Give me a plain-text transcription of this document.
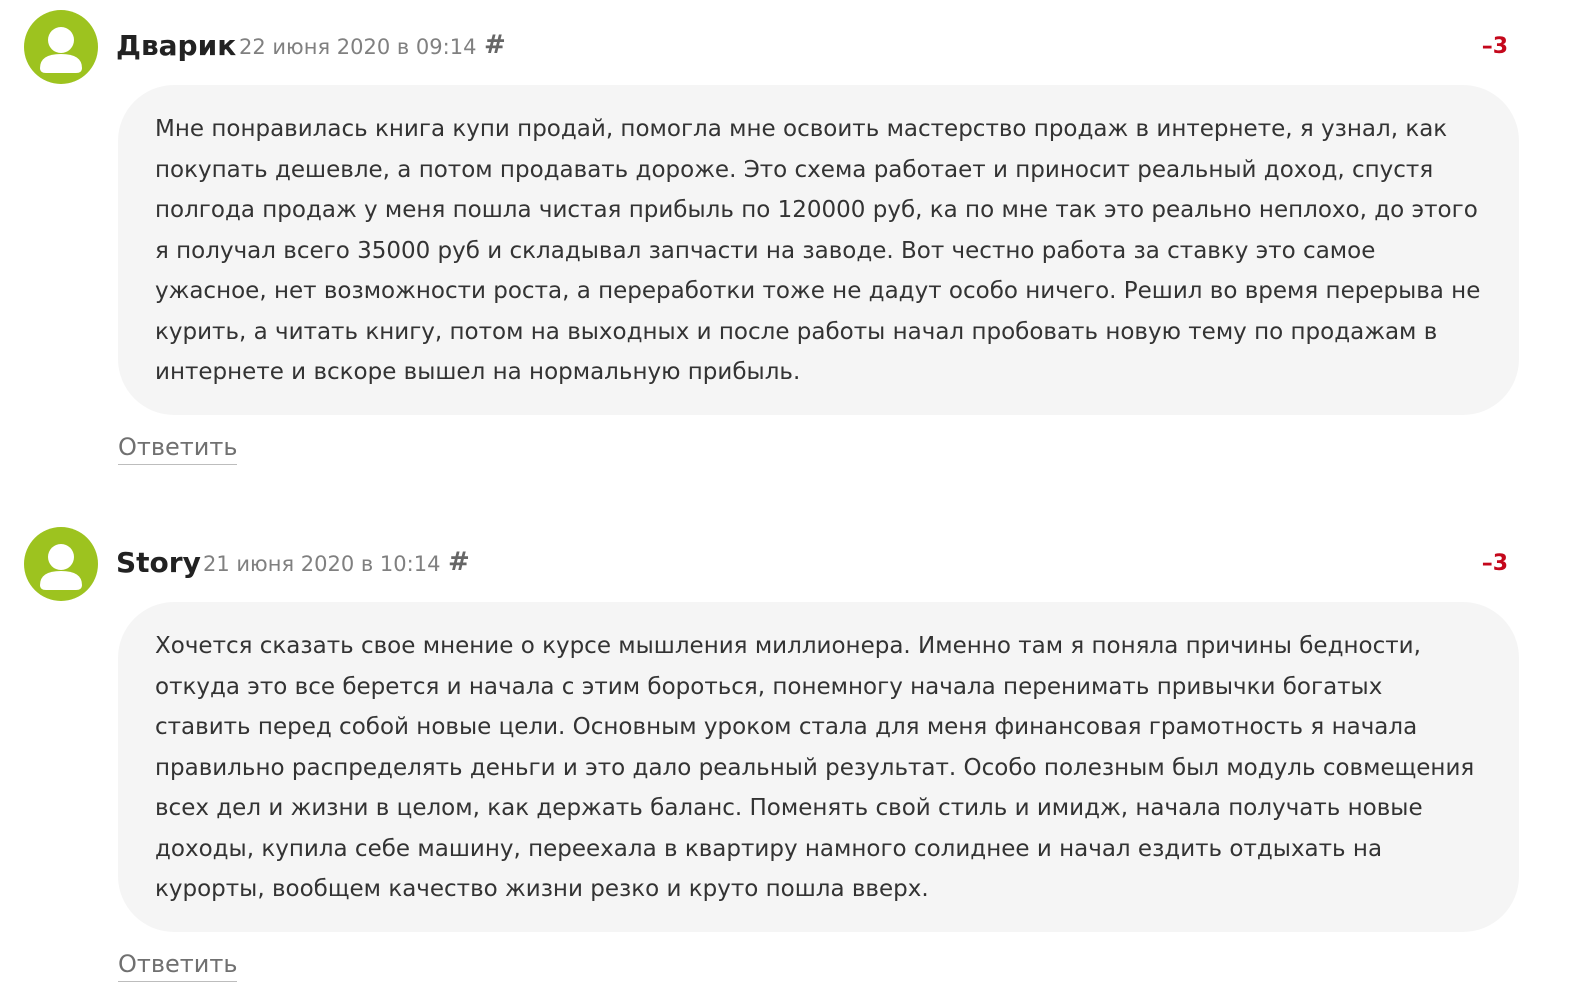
Дварик 22 июня 2020 в 09:14 #	–3

Мне понравилась книга купи продай, помогла мне освоить мастерство продаж в интернете, я узнал, как покупать дешевле, а потом продавать дороже. Это схема работает и приносит реальный доход, спустя полгода продаж у меня пошла чистая прибыль по 120000 руб, ка по мне так это реально неплохо, до этого я получал всего 35000 руб и складывал запчасти на заводе. Вот честно работа за ставку это самое ужасное, нет возможности роста, а переработки тоже не дадут особо ничего. Решил во время перерыва не курить, а читать книгу, потом на выходных и после работы начал пробовать новую тему по продажам в интернете и вскоре вышел на нормальную прибыль.

Ответить
Story 21 июня 2020 в 10:14 #	–3

Хочется сказать свое мнение о курсе мышления миллионера. Именно там я поняла причины бедности, откуда это все берется и начала с этим бороться, понемногу начала перенимать привычки богатых ставить перед собой новые цели. Основным уроком стала для меня финансовая грамотность я начала правильно распределять деньги и это дало реальный результат. Особо полезным был модуль совмещения всех дел и жизни в целом, как держать баланс. Поменять свой стиль и имидж, начала получать новые доходы, купила себе машину, переехала в квартиру намного солиднее и начал ездить отдыхать на курорты, вообщем качество жизни резко и круто пошла вверх.

Ответить
